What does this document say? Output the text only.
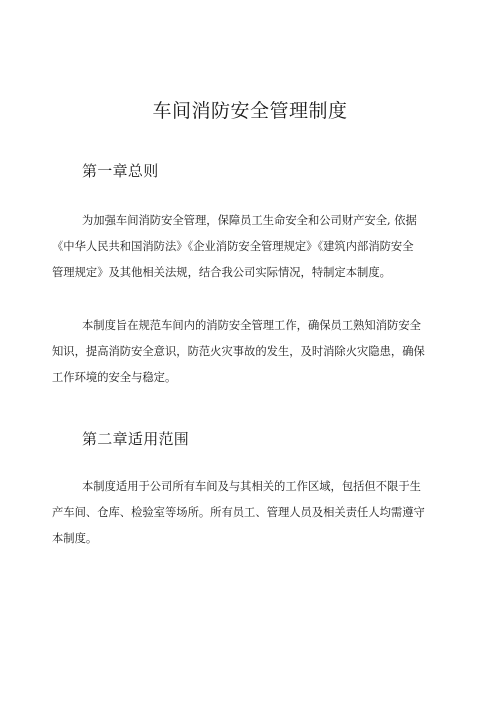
车间消防安全管理制度
第一章总则
为加强车间消防安全管理，保障员工生命安全和公司财产安全, 依据
《中华人民共和国消防法》《企业消防安全管理规定》《建筑内部消防安全
管理规定》及其他相关法规，结合我公司实际情况，特制定本制度。
本制度旨在规范车间内的消防安全管理工作，确保员工熟知消防安全
知识，提高消防安全意识，防范火灾事故的发生，及时消除火灾隐患，确保
工作环境的安全与稳定。
第二章适用范围
本制度适用于公司所有车间及与其相关的工作区域，包括但不限于生
产车间、仓库、检验室等场所。所有员工、管理人员及相关责任人均需遵守
本制度。
